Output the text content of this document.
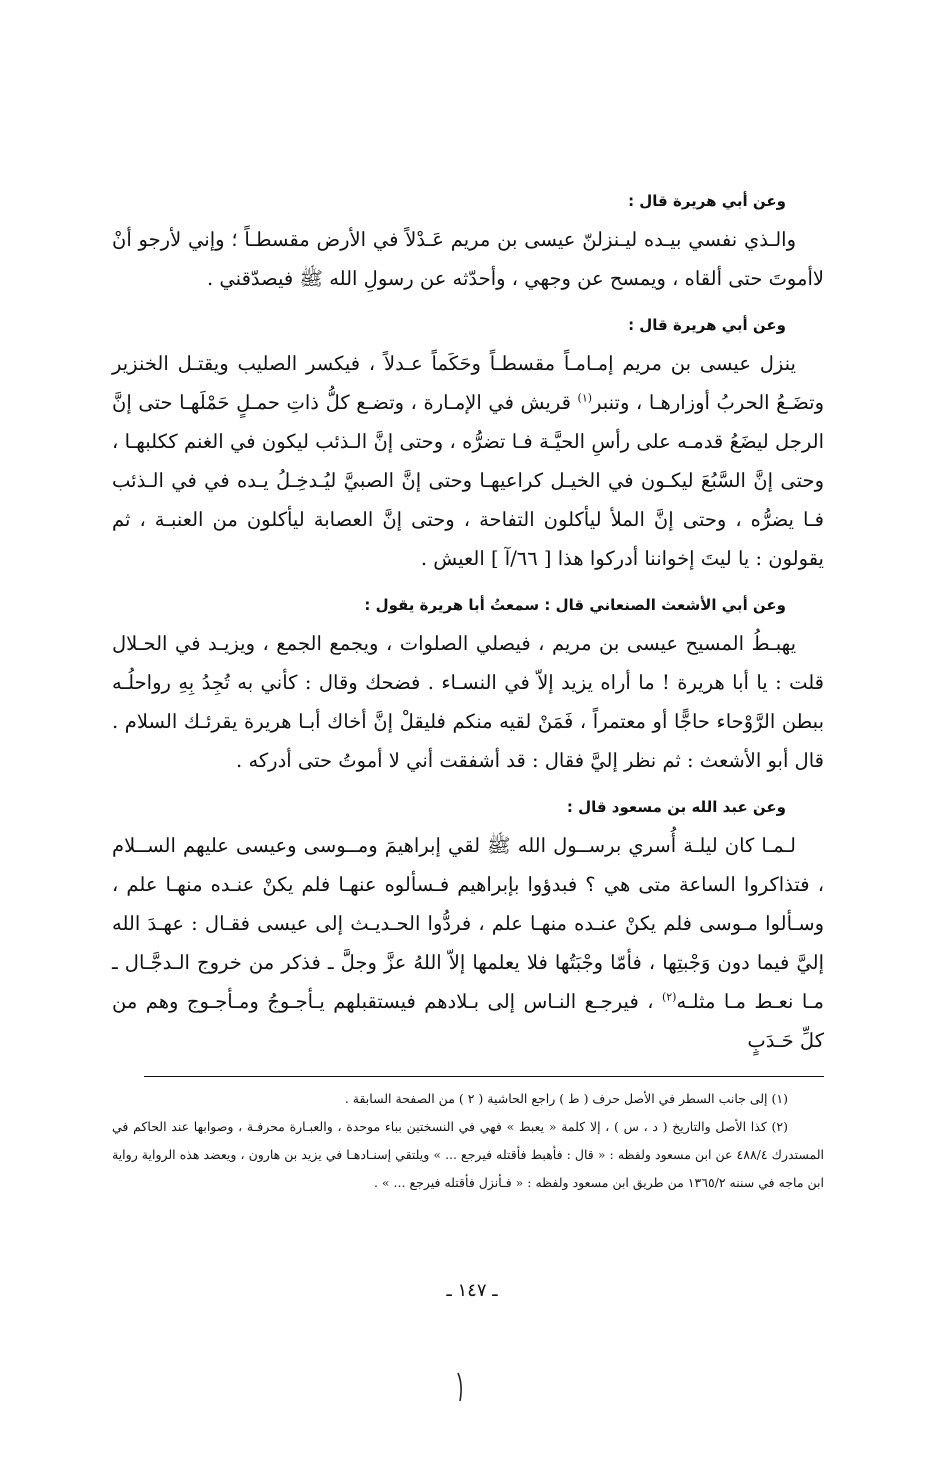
وعن أبي هريرة قال :

والـذي نفسي بيـده ليـنزلنّ عيسى بن مريم عَـدْلاً في الأرض مقسطـاً ؛ وإني لأرجو أنْ لاأموتَ حتى ألقاه ، ويمسح عن وجهي ، وأحدّثه عن رسولِ الله ﷺ فيصدّقني .

وعن أبي هريرة قال :

ينزل عيسى بن مريم إمـامـاً مقسطـاً وحَكَماً عـدلاً ، فيكسر الصليب ويقتـل الخنزير وتضَـعُ الحربُ أوزارهـا ، وتنبر$^{(١)}$ قريش في الإمـارة ، وتضـع كلُّ ذاتِ حمـلٍ حَمْلَهـا حتى إنَّ الرجل ليضَعُ قدمـه على رأسِ الحيَّـة فـا تضرُّه ، وحتى إنَّ الـذئب ليكون في الغنم ككلبهـا ، وحتى إنَّ السَّبُعَ ليكـون في الخيـل كراعيهـا وحتى إنَّ الصبيَّ ليُـدخِـلُ يـده في في الـذئب فـا يضرُّه ، وحتى إنَّ الملأ ليأكلون التفاحة ، وحتى إنَّ العصابة ليأكلون من العنبـة ، ثم يقولون : يا ليتَ إخواننا أدركوا هذا [ ٦٦/آ ] العيش .

وعن أبي الأشعث الصنعاني قال : سمعتُ أبا هريرة يقول :

يهبـطُ المسيح عيسى بن مريم ، فيصلي الصلوات ، ويجمع الجمع ، ويزيـد في الحـلال قلت : يا أبا هريرة ! ما أراه يزيد إلاّ في النسـاء . فضحك وقال : كأني به تُجِدُ بِهِ رواحلُـه ببطن الرَّوْحاء حاجًّا أو معتمراً ، فَمَنْ لقيه منكم فليقلْ إنَّ أخاك أبـا هريرة يقرئـك السلام . قال أبو الأشعث : ثم نظر إليَّ فقال : قد أشفقت أني لا أموتُ حتى أدركه .

وعن عبد الله بن مسعود قال :

لـمـا كان ليلـة أُسري برســول الله ﷺ لقي إبراهيمَ ومــوسى وعيسى عليهم الســلام ، فتذاكروا الساعة متى هي ؟ فبدؤوا بإبراهيم فـسألوه عنهـا فلم يكنْ عنـده منهـا علم ، وسـألوا مـوسى فلم يكنْ عنـده منهـا علم ، فردُّوا الحـديـث إلى عيسى فقـال : عهـدَ الله إليَّ فيما دون وَجْبتِها ، فأمّا وجْبَتُها فلا يعلمها إلاّ اللهُ عزَّ وجلَّ ـ فذكر من خروج الـدجَّـال ـ مـا نعـط مـا مثلـه$^{(٢)}$ ، فيرجـع النـاس إلى بـلادهم فيستقبلهم يـأجـوجُ ومـأجـوج وهم من كلِّ حَـدَبٍ

(١) إلى جانب السطر في الأصل حرف ( ط ) راجع الحاشية ( ٢ ) من الصفحة السابقة .

(٢) كذا الأصل والتاريخ ( د ، س ) ، إلا كلمة « يعبط » فهي في النسختين بباء موحدة ، والعبـارة محرفـة ، وصوابها عند الحاكم في المستدرك ٤٨٨/٤ عن ابن مسعود ولفظه : « قال : فأهبط فأقتله فيرجع ... » ويلتقي إسنـادهـا في يزيد بن هارون ، ويعضد هذه الرواية رواية ابن ماجه في سننه ١٣٦٥/٢ من طريق ابن مسعود ولفظه : « فـأنزل فأقتله فيرجع ... » .

ـ ١٤٧ ـ
